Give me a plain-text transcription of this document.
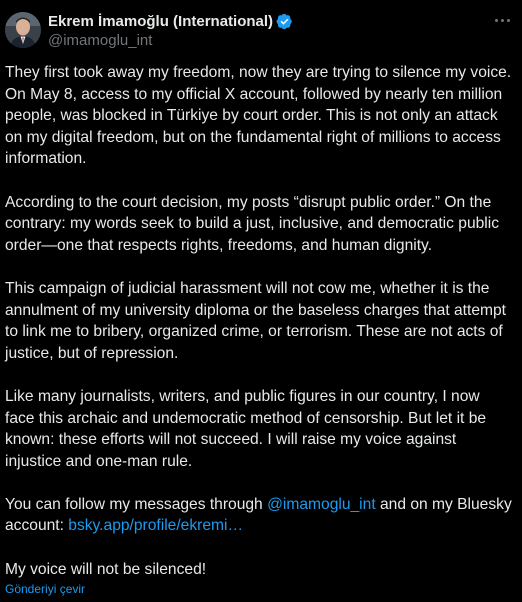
Ekrem İmamoğlu (International)
@imamoglu_int

They first took away my freedom, now they are trying to silence my voice. On May 8, access to my official X account, followed by nearly ten million people, was blocked in Türkiye by court order. This is not only an attack on my digital freedom, but on the fundamental right of millions to access information.

According to the court decision, my posts “disrupt public order.” On the contrary: my words seek to build a just, inclusive, and democratic public order—one that respects rights, freedoms, and human dignity.

This campaign of judicial harassment will not cow me, whether it is the annulment of my university diploma or the baseless charges that attempt to link me to bribery, organized crime, or terrorism. These are not acts of justice, but of repression.

Like many journalists, writers, and public figures in our country, I now face this archaic and undemocratic method of censorship. But let it be known: these efforts will not succeed. I will raise my voice against injustice and one-man rule.

You can follow my messages through @imamoglu_int and on my Bluesky account: bsky.app/profile/ekremi…

My voice will not be silenced!

Gönderiyi çevir
